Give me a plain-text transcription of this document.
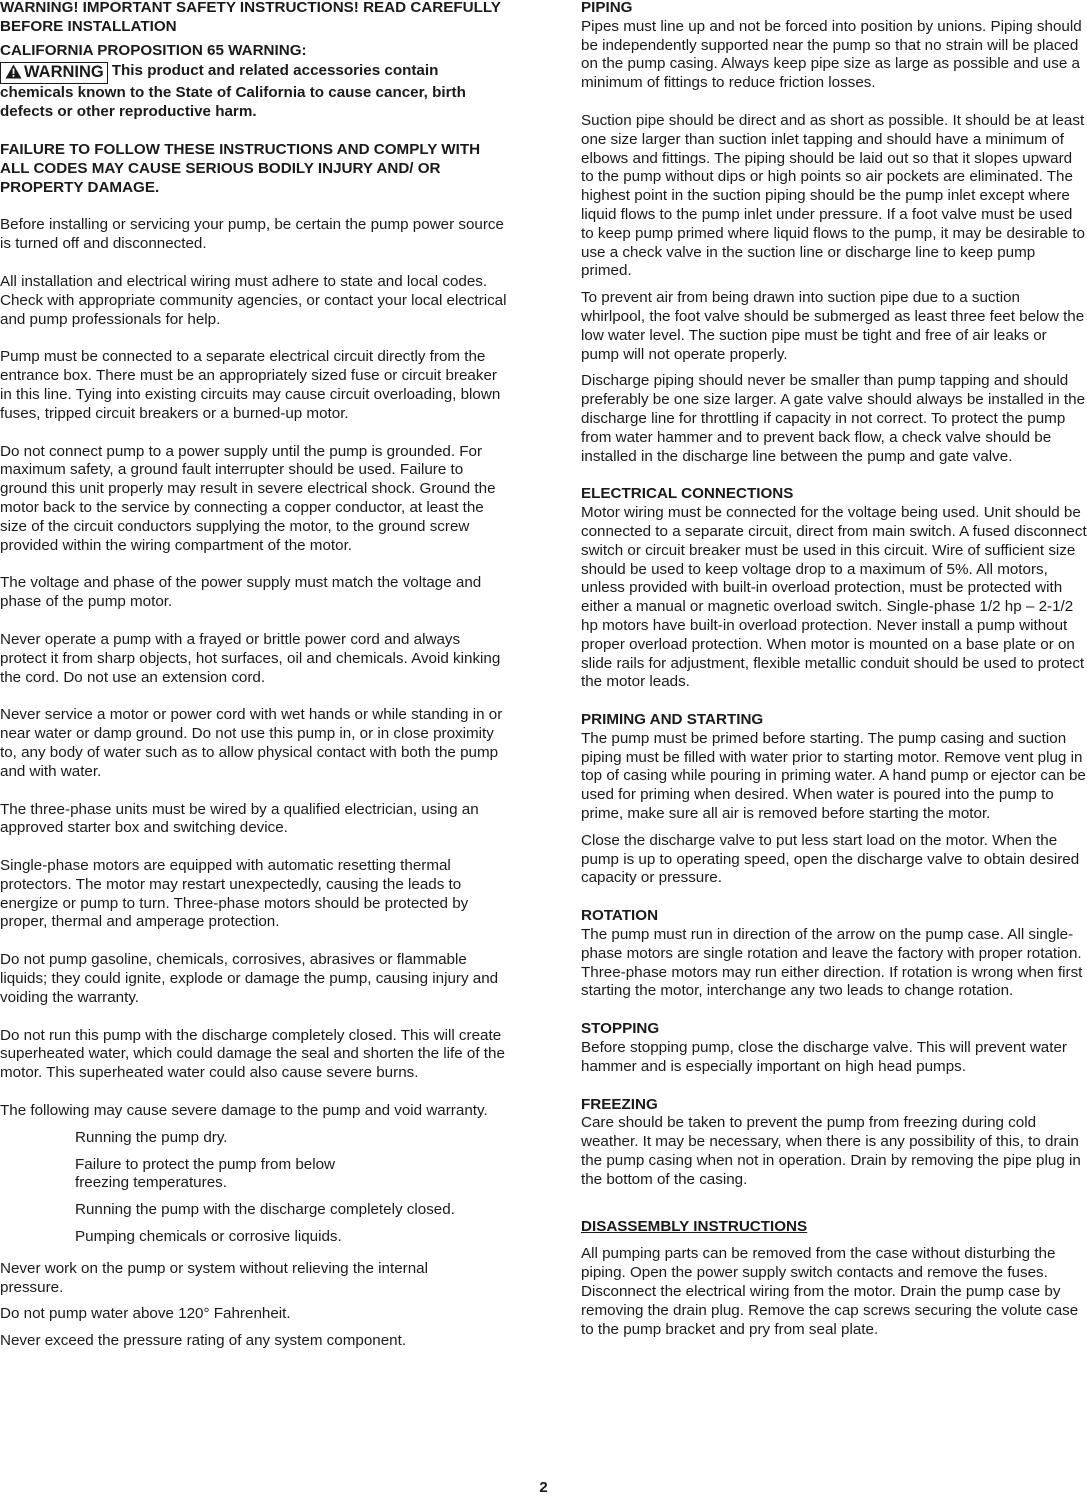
WARNING! IMPORTANT SAFETY INSTRUCTIONS! READ CAREFULLY BEFORE INSTALLATION

CALIFORNIA PROPOSITION 65 WARNING:

WARNING This product and related accessories contain chemicals known to the State of California to cause cancer, birth defects or other reproductive harm.

FAILURE TO FOLLOW THESE INSTRUCTIONS AND COMPLY WITH ALL CODES MAY CAUSE SERIOUS BODILY INJURY AND/ OR PROPERTY DAMAGE.

Before installing or servicing your pump, be certain the pump power source is turned off and disconnected.

All installation and electrical wiring must adhere to state and local codes. Check with appropriate community agencies, or contact your local electrical and pump professionals for help.

Pump must be connected to a separate electrical circuit directly from the entrance box. There must be an appropriately sized fuse or circuit breaker in this line. Tying into existing circuits may cause circuit overloading, blown fuses, tripped circuit breakers or a burned-up motor.

Do not connect pump to a power supply until the pump is grounded. For maximum safety, a ground fault interrupter should be used. Failure to ground this unit properly may result in severe electrical shock. Ground the motor back to the service by connecting a copper conductor, at least the size of the circuit conductors supplying the motor, to the ground screw provided within the wiring compartment of the motor.

The voltage and phase of the power supply must match the voltage and phase of the pump motor.

Never operate a pump with a frayed or brittle power cord and always protect it from sharp objects, hot surfaces, oil and chemicals. Avoid kinking the cord. Do not use an extension cord.

Never service a motor or power cord with wet hands or while standing in or near water or damp ground. Do not use this pump in, or in close proximity to, any body of water such as to allow physical contact with both the pump and with water.

The three-phase units must be wired by a qualified electrician, using an approved starter box and switching device.

Single-phase motors are equipped with automatic resetting thermal protectors. The motor may restart unexpectedly, causing the leads to energize or pump to turn. Three-phase motors should be protected by proper, thermal and amperage protection.

Do not pump gasoline, chemicals, corrosives, abrasives or flammable liquids; they could ignite, explode or damage the pump, causing injury and voiding the warranty.

Do not run this pump with the discharge completely closed. This will create superheated water, which could damage the seal and shorten the life of the motor. This superheated water could also cause severe burns.

The following may cause severe damage to the pump and void warranty.

Running the pump dry.

Failure to protect the pump from below freezing temperatures.

Running the pump with the discharge completely closed.

Pumping chemicals or corrosive liquids.

Never work on the pump or system without relieving the internal pressure.

Do not pump water above 120° Fahrenheit.

Never exceed the pressure rating of any system component.

PIPING

Pipes must line up and not be forced into position by unions. Piping should be independently supported near the pump so that no strain will be placed on the pump casing. Always keep pipe size as large as possible and use a minimum of fittings to reduce friction losses.

Suction pipe should be direct and as short as possible. It should be at least one size larger than suction inlet tapping and should have a minimum of elbows and fittings. The piping should be laid out so that it slopes upward to the pump without dips or high points so air pockets are eliminated. The highest point in the suction piping should be the pump inlet except where liquid flows to the pump inlet under pressure. If a foot valve must be used to keep pump primed where liquid flows to the pump, it may be desirable to use a check valve in the suction line or discharge line to keep pump primed.

To prevent air from being drawn into suction pipe due to a suction whirlpool, the foot valve should be submerged as least three feet below the low water level. The suction pipe must be tight and free of air leaks or pump will not operate properly.

Discharge piping should never be smaller than pump tapping and should preferably be one size larger. A gate valve should always be installed in the discharge line for throttling if capacity in not correct. To protect the pump from water hammer and to prevent back flow, a check valve should be installed in the discharge line between the pump and gate valve.

ELECTRICAL CONNECTIONS

Motor wiring must be connected for the voltage being used. Unit should be connected to a separate circuit, direct from main switch. A fused disconnect switch or circuit breaker must be used in this circuit. Wire of sufficient size should be used to keep voltage drop to a maximum of 5%. All motors, unless provided with built-in overload protection, must be protected with either a manual or magnetic overload switch. Single-phase 1/2 hp – 2-1/2 hp motors have built-in overload protection. Never install a pump without proper overload protection. When motor is mounted on a base plate or on slide rails for adjustment, flexible metallic conduit should be used to protect the motor leads.

PRIMING AND STARTING

The pump must be primed before starting. The pump casing and suction piping must be filled with water prior to starting motor. Remove vent plug in top of casing while pouring in priming water. A hand pump or ejector can be used for priming when desired. When water is poured into the pump to prime, make sure all air is removed before starting the motor.

Close the discharge valve to put less start load on the motor. When the pump is up to operating speed, open the discharge valve to obtain desired capacity or pressure.

ROTATION

The pump must run in direction of the arrow on the pump case. All single-phase motors are single rotation and leave the factory with proper rotation. Three-phase motors may run either direction. If rotation is wrong when first starting the motor, interchange any two leads to change rotation.

STOPPING

Before stopping pump, close the discharge valve. This will prevent water hammer and is especially important on high head pumps.

FREEZING

Care should be taken to prevent the pump from freezing during cold weather. It may be necessary, when there is any possibility of this, to drain the pump casing when not in operation. Drain by removing the pipe plug in the bottom of the casing.

DISASSEMBLY INSTRUCTIONS

All pumping parts can be removed from the case without disturbing the piping. Open the power supply switch contacts and remove the fuses. Disconnect the electrical wiring from the motor. Drain the pump case by removing the drain plug. Remove the cap screws securing the volute case to the pump bracket and pry from seal plate.

2
